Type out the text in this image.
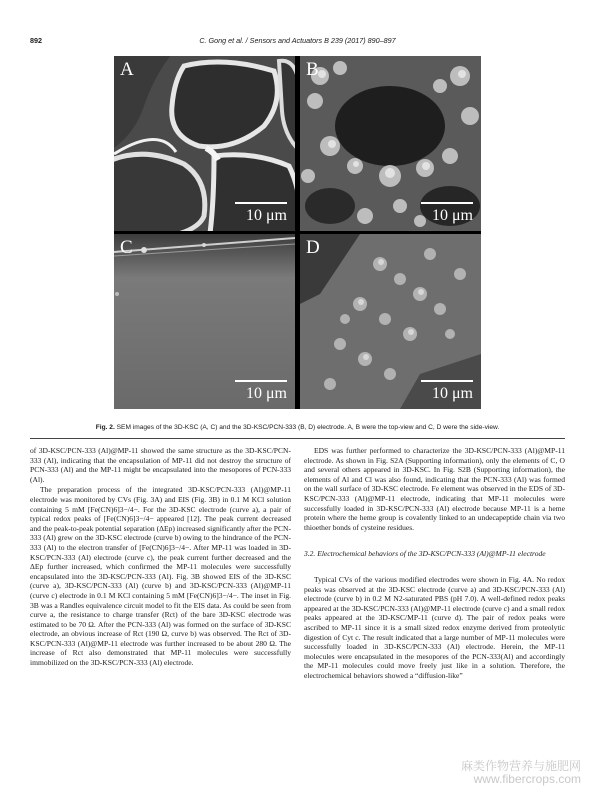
892	C. Gong et al. / Sensors and Actuators B 239 (2017) 890–897
A
10 μm
B
10 μm
C
10 μm
D
10 μm
Fig. 2. SEM images of the 3D-KSC (A, C) and the 3D-KSC/PCN-333 (B, D) electrode. A, B were the top-view and C, D were the side-view.

of 3D-KSC/PCN-333 (Al)@MP-11 showed the same structure as the 3D-KSC/PCN-333 (Al), indicating that the encapsulation of MP-11 did not destroy the structure of PCN-333 (Al) and the MP-11 might be encapsulated into the mesopores of PCN-333 (Al).

The preparation process of the integrated 3D-KSC/PCN-333 (Al)@MP-11 electrode was monitored by CVs (Fig. 3A) and EIS (Fig. 3B) in 0.1 M KCl solution containing 5 mM [Fe(CN)6]3−/4−. For the 3D-KSC electrode (curve a), a pair of typical redox peaks of [Fe(CN)6]3−/4− appeared [12]. The peak current decreased and the peak-to-peak potential separation (ΔEp) increased significantly after the PCN-333 (Al) grew on the 3D-KSC electrode (curve b) owing to the hindrance of the PCN-333 (Al) to the electron transfer of [Fe(CN)6]3−/4−. After MP-11 was loaded in 3D-KSC/PCN-333 (Al) electrode (curve c), the peak current further decreased and the ΔEp further increased, which confirmed the MP-11 molecules were successfully encapsulated into the 3D-KSC/PCN-333 (Al). Fig. 3B showed EIS of the 3D-KSC (curve a), 3D-KSC/PCN-333 (Al) (curve b) and 3D-KSC/PCN-333 (Al)@MP-11 (curve c) electrode in 0.1 M KCl containing 5 mM [Fe(CN)6]3−/4−. The inset in Fig. 3B was a Randles equivalence circuit model to fit the EIS data. As could be seen from curve a, the resistance to charge transfer (Rct) of the bare 3D-KSC electrode was estimated to be 70 Ω. After the PCN-333 (Al) was formed on the surface of 3D-KSC electrode, an obvious increase of Rct (190 Ω, curve b) was observed. The Rct of 3D-KSC/PCN-333 (Al)@MP-11 electrode was further increased to be about 280 Ω. The increase of Rct also demonstrated that MP-11 molecules were successfully immobilized on the 3D-KSC/PCN-333 (Al) electrode.

EDS was further performed to characterize the 3D-KSC/PCN-333 (Al)@MP-11 electrode. As shown in Fig. S2A (Supporting information), only the elements of C, O and several others appeared in 3D-KSC. In Fig. S2B (Supporting information), the elements of Al and Cl was also found, indicating that the PCN-333 (Al) was formed on the wall surface of 3D-KSC electrode. Fe element was observed in the EDS of 3D-KSC/PCN-333 (Al)@MP-11 electrode, indicating that MP-11 molecules were successfully loaded in 3D-KSC/PCN-333 (Al) electrode because MP-11 is a heme protein where the heme group is covalently linked to an undecapeptide chain via two thioether bonds of cysteine residues.

3.2. Electrochemical behaviors of the 3D-KSC/PCN-333 (Al)@MP-11 electrode

Typical CVs of the various modified electrodes were shown in Fig. 4A. No redox peaks was observed at the 3D-KSC electrode (curve a) and 3D-KSC/PCN-333 (Al) electrode (curve b) in 0.2 M N2-saturated PBS (pH 7.0). A well-defined redox peaks appeared at the 3D-KSC/PCN-333 (Al)@MP-11 electrode (curve c) and a small redox peaks appeared at the 3D-KSC/MP-11 (curve d). The pair of redox peaks were ascribed to MP-11 since it is a small sized redox enzyme derived from proteolytic digestion of Cyt c. The result indicated that a large number of MP-11 molecules were successfully loaded in 3D-KSC/PCN-333 (Al) electrode. Herein, the MP-11 molecules were encapsulated in the mesopores of the PCN-333(Al) and accordingly the MP-11 molecules could move freely just like in a solution. Therefore, the electrochemical behaviors showed a “diffusion-like”

麻类作物营养与施肥网
www.fibercrops.com
